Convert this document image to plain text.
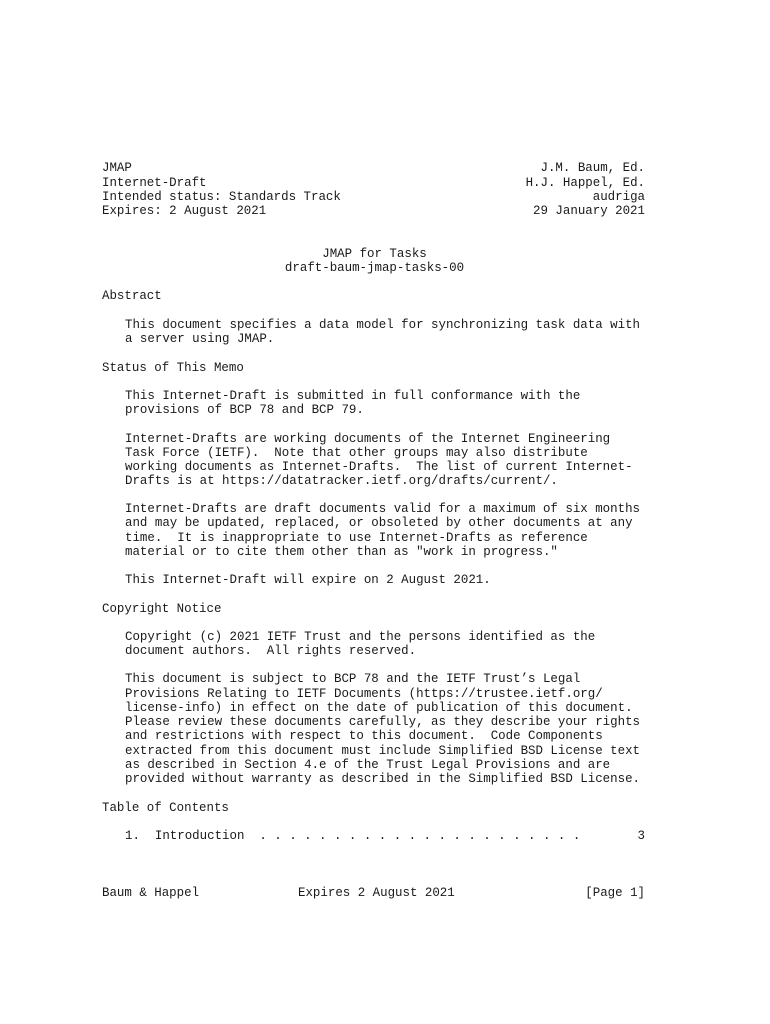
JMAP
Internet-Draft
Intended status: Standards Track
Expires: 2 August 2021
J.M. Baum, Ed.
H.J. Happel, Ed.
audriga
29 January 2021
JMAP for Tasks
draft-baum-jmap-tasks-00
Abstract
This document specifies a data model for synchronizing task data with
a server using JMAP.
Status of This Memo
This Internet-Draft is submitted in full conformance with the
provisions of BCP 78 and BCP 79.
Internet-Drafts are working documents of the Internet Engineering
Task Force (IETF).  Note that other groups may also distribute
working documents as Internet-Drafts.  The list of current Internet-
Drafts is at https://datatracker.ietf.org/drafts/current/.
Internet-Drafts are draft documents valid for a maximum of six months
and may be updated, replaced, or obsoleted by other documents at any
time.  It is inappropriate to use Internet-Drafts as reference
material or to cite them other than as "work in progress."
This Internet-Draft will expire on 2 August 2021.
Copyright Notice
Copyright (c) 2021 IETF Trust and the persons identified as the
document authors.  All rights reserved.
This document is subject to BCP 78 and the IETF Trust’s Legal
Provisions Relating to IETF Documents (https://trustee.ietf.org/
license-info) in effect on the date of publication of this document.
Please review these documents carefully, as they describe your rights
and restrictions with respect to this document.  Code Components
extracted from this document must include Simplified BSD License text
as described in Section 4.e of the Trust Legal Provisions and are
provided without warranty as described in the Simplified BSD License.
Table of Contents
1.  Introduction  . . . . . . . . . . . . . . . . . . . . . .	3
Baum & Happel	Expires 2 August 2021	[Page 1]
